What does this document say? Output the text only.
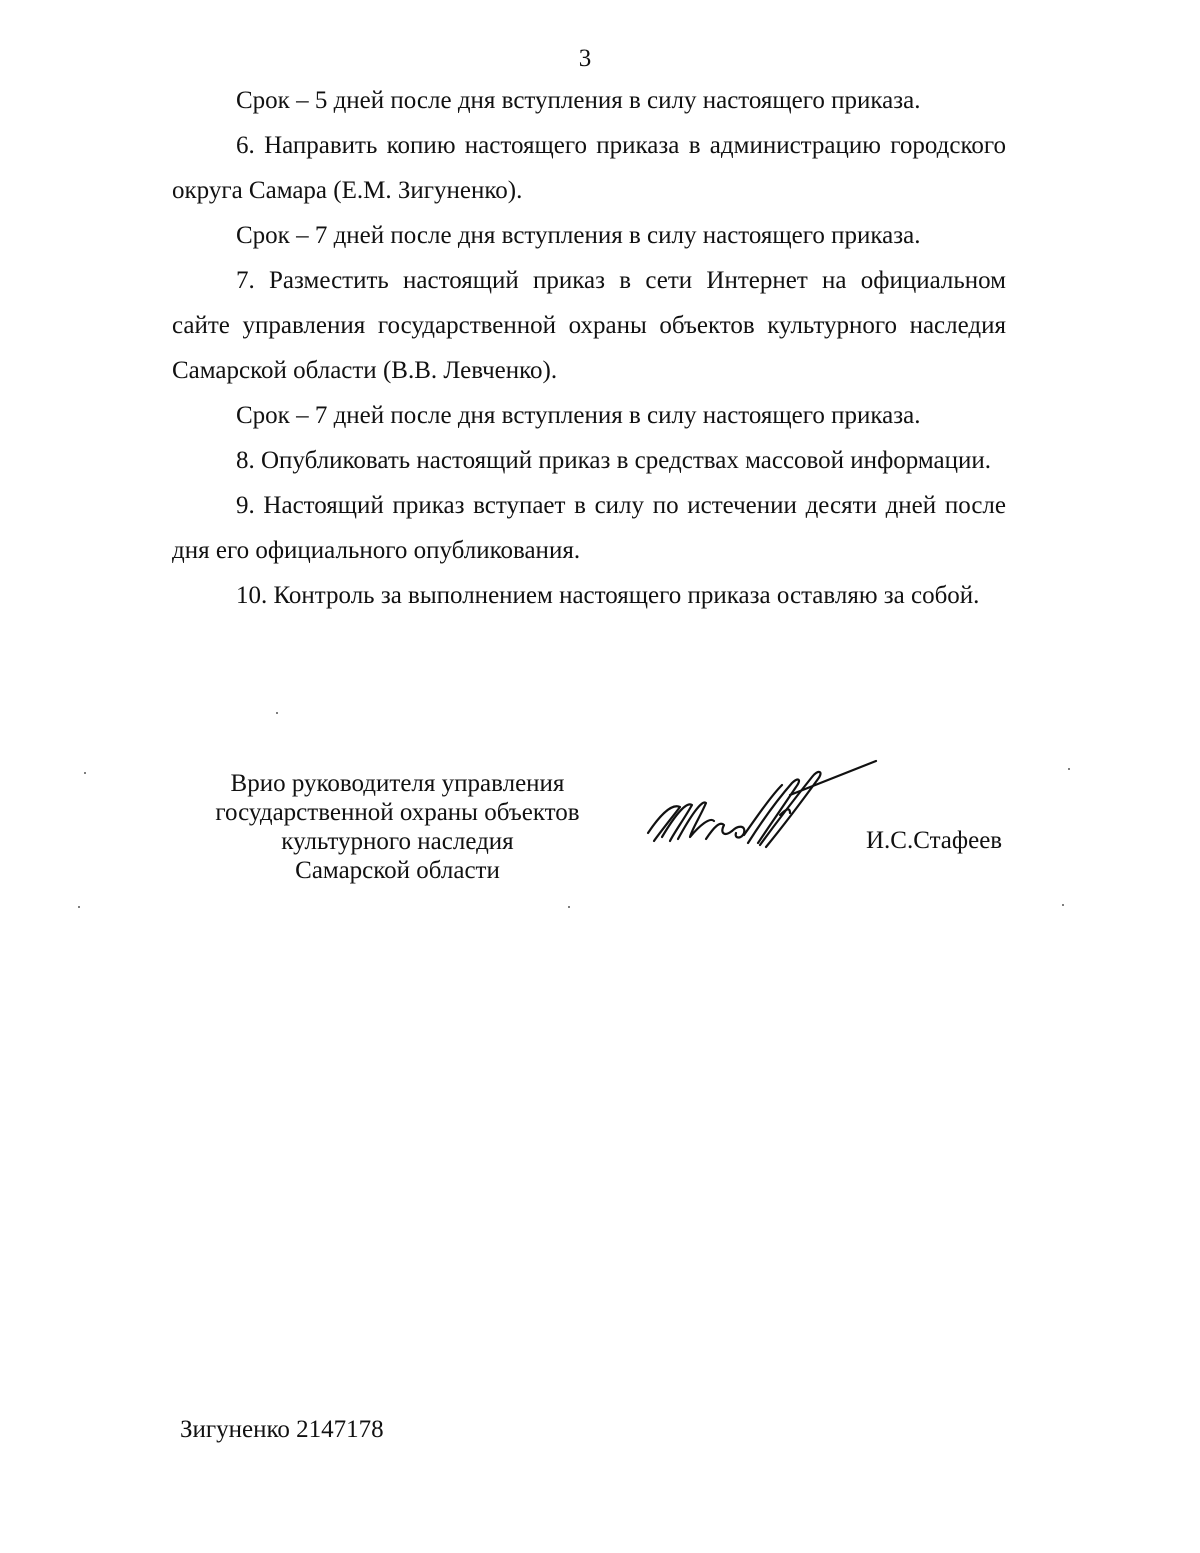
3

Срок – 5 дней после дня вступления в силу настоящего приказа.

6. Направить копию настоящего приказа в администрацию городского округа Самара (Е.М. Зигуненко).

Срок – 7 дней после дня вступления в силу настоящего приказа.

7. Разместить настоящий приказ в сети Интернет на официальном сайте управления государственной охраны объектов культурного наследия Самарской области (В.В. Левченко).

Срок – 7 дней после дня вступления в силу настоящего приказа.

8. Опубликовать настоящий приказ в средствах массовой информации.

9. Настоящий приказ вступает в силу по истечении десяти дней после дня его официального опубликования.

10. Контроль за выполнением настоящего приказа оставляю за собой.

Врио руководителя управления
государственной охраны объектов
культурного наследия
Самарской области
И.С.Стафеев
Зигуненко 2147178
